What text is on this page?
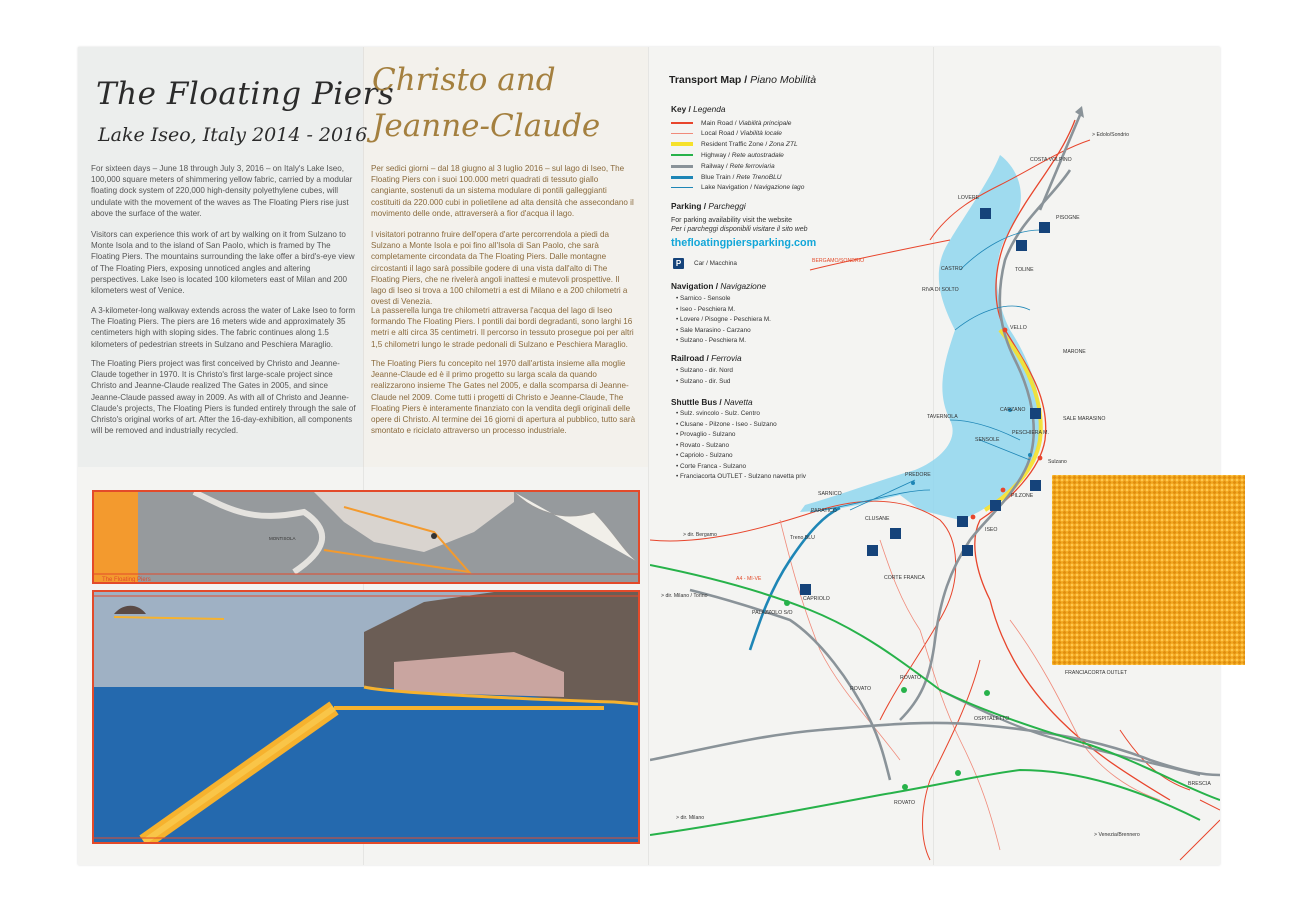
The Floating Piers
Lake Iseo, Italy 2014 - 2016

For sixteen days – June 18 through July 3, 2016 – on Italy's Lake Iseo, 100,000 square meters of shimmering yellow fabric, carried by a modular floating dock system of 220,000 high-density polyethylene cubes, will undulate with the movement of the waves as The Floating Piers rise just above the surface of the water.

Visitors can experience this work of art by walking on it from Sulzano to Monte Isola and to the island of San Paolo, which is framed by The Floating Piers. The mountains surrounding the lake offer a bird's-eye view of The Floating Piers, exposing unnoticed angles and altering perspectives. Lake Iseo is located 100 kilometers east of Milan and 200 kilometers west of Venice.

A 3-kilometer-long walkway extends across the water of Lake Iseo to form The Floating Piers. The piers are 16 meters wide and approximately 35 centimeters high with sloping sides. The fabric continues along 1.5 kilometers of pedestrian streets in Sulzano and Peschiera Maraglio.

The Floating Piers project was first conceived by Christo and Jeanne-Claude together in 1970. It is Christo's first large-scale project since Christo and Jeanne-Claude realized The Gates in 2005, and since Jeanne-Claude passed away in 2009. As with all of Christo and Jeanne-Claude's projects, The Floating Piers is funded entirely through the sale of Christo's original works of art. After the 16-day-exhibition, all components will be removed and industrially recycled.

Christo and
Jeanne-Claude

Per sedici giorni – dal 18 giugno al 3 luglio 2016 – sul lago di Iseo, The Floating Piers con i suoi 100.000 metri quadrati di tessuto giallo cangiante, sostenuti da un sistema modulare di pontili galleggianti costituiti da 220.000 cubi in polietilene ad alta densità che assecondano il movimento delle onde, attraverserà a fior d'acqua il lago.

I visitatori potranno fruire dell'opera d'arte percorrendola a piedi da Sulzano a Monte Isola e poi fino all'Isola di San Paolo, che sarà completamente circondata da The Floating Piers. Dalle montagne circostanti il lago sarà possibile godere di una vista dall'alto di The Floating Piers, che ne rivelerà angoli inattesi e mutevoli prospettive. Il lago di Iseo si trova a 100 chilometri a est di Milano e a 200 chilometri a ovest di Venezia.

La passerella lunga tre chilometri attraversa l'acqua del lago di Iseo formando The Floating Piers. I pontili dai bordi degradanti, sono larghi 16 metri e alti circa 35 centimetri. Il percorso in tessuto prosegue poi per altri 1,5 chilometri lungo le strade pedonali di Sulzano e Peschiera Maraglio.

The Floating Piers fu concepito nel 1970 dall'artista insieme alla moglie Jeanne-Claude ed è il primo progetto su larga scala da quando realizzarono insieme The Gates nel 2005, e dalla scomparsa di Jeanne-Claude nel 2009. Come tutti i progetti di Christo e Jeanne-Claude, The Floating Piers è interamente finanziato con la vendita degli originali delle opere di Christo. Al termine dei 16 giorni di apertura al pubblico, tutto sarà smontato e riciclato attraverso un processo industriale.

The Floating Piers
MONTISOLA
Transport Map / Piano Mobilità
Key / Legenda
Main Road / Viabilità principale
Local Road / Viabilità locale
Resident Traffic Zone / Zona ZTL
Highway / Rete autostradale
Railway / Rete ferroviaria
Blue Train / Rete TrenoBLU
Lake Navigation / Navigazione lago
Parking / Parcheggi
For parking availability visit the website
Per i parcheggi disponibili visitare il sito web
thefloatingpiersparking.com
P	Car / Macchina
Navigation / Navigazione
• Sarnico - Sensole
• Iseo - Peschiera M.
• Lovere / Pisogne - Peschiera M.
• Sale Marasino - Carzano
• Sulzano - Peschiera M.
Railroad / Ferrovia
• Sulzano - dir. Nord
• Sulzano - dir. Sud
Shuttle Bus / Navetta
• Sulz. svincolo - Sulz. Centro
• Clusane - Pilzone - Iseo - Sulzano
• Provaglio - Sulzano
• Rovato - Sulzano
• Capriolo - Sulzano
• Corte Franca - Sulzano
• Franciacorta OUTLET - Sulzano navetta priv
> Edolo/Sondrio
LOVERE
COSTA VOLPINO
PISOGNE
CASTRO	TOLINE
RIVA DI SOLTO
BERGAMO/SONDRIO
VELLO
MARONE
TAVERNOLA
CARZANO
SALE MARASINO
PESCHIERA M.
SENSOLE
Sulzano
PREDORE
SARNICO	PILZONE
PARATICO
CLUSANE
ISEO
> dir. Bergamo	Treno BLU
CORTE FRANCA
> dir. Milano / Torino	CAPRIOLO
A4 - MI-VE
PALAZZOLO S/O
FRANCIACORTA OUTLET
ROVATO
ROVATO
OSPITALETTO
ROVATO
BRESCIA
> dir. Milano
> Venezia/Brennero
